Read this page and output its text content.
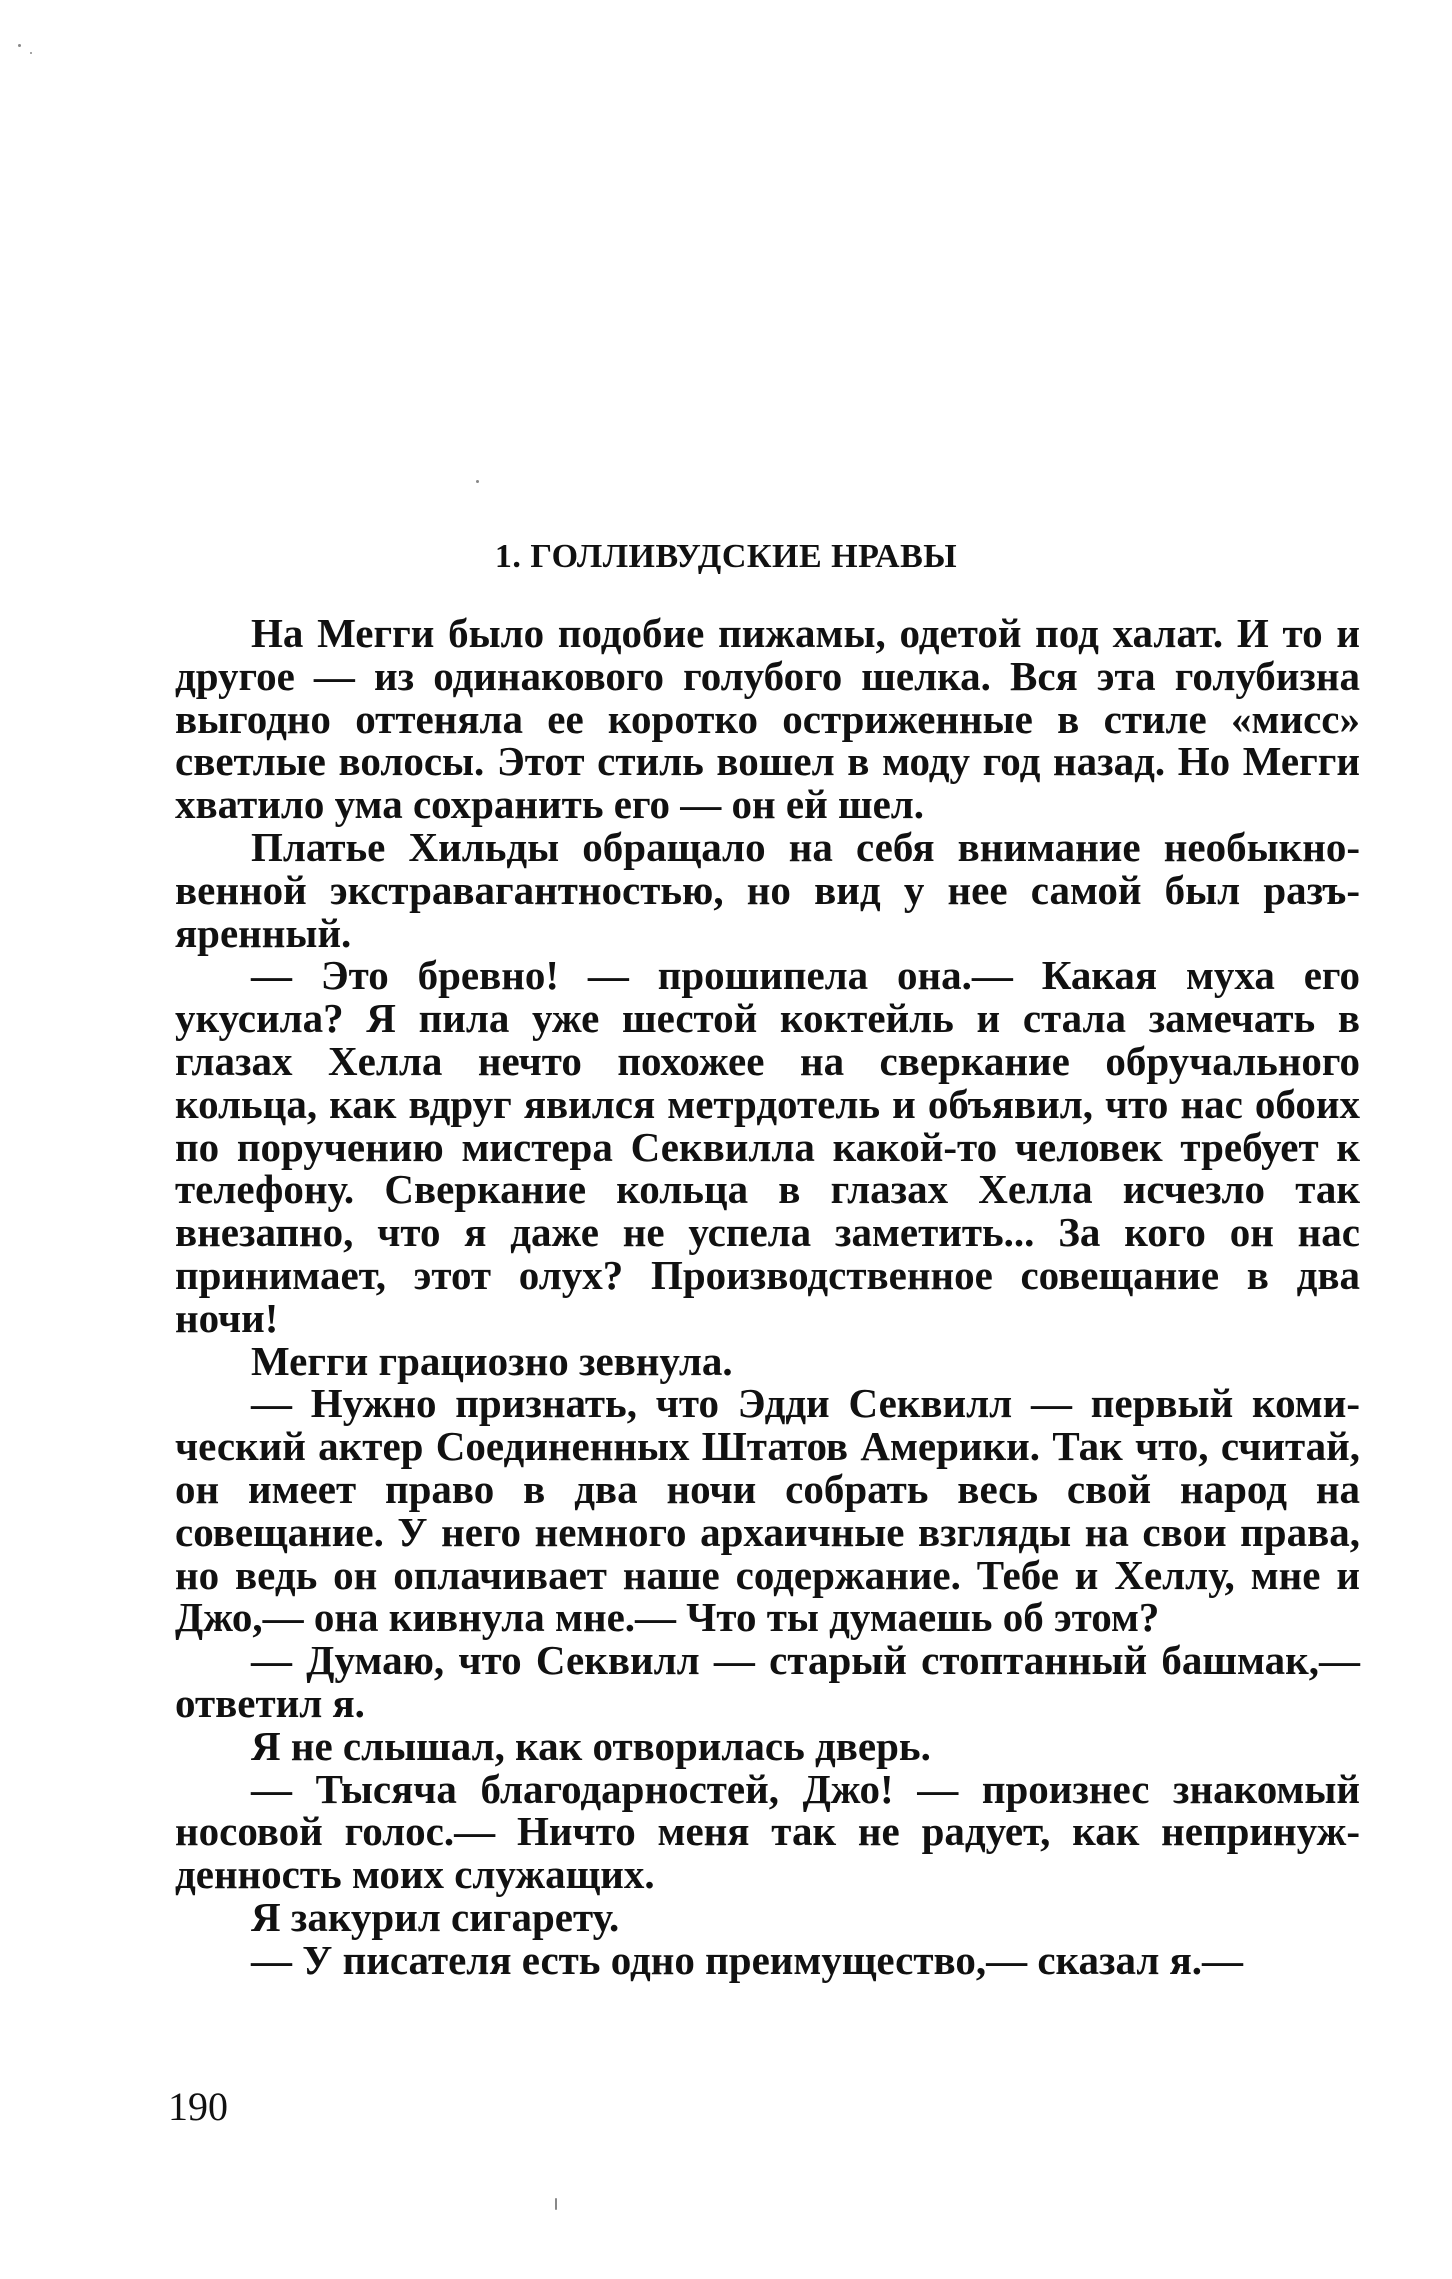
1. ГОЛЛИВУДСКИЕ НРАВЫ

На Мегги было подобие пижамы, одетой под халат. И то и другое — из одинакового голубого шелка. Вся эта голубизна выгодно оттеняла ее коротко остриженные в стиле «мисс» светлые волосы. Этот стиль вошел в моду год назад. Но Мегги хватило ума сохранить его — он ей шел.

Платье Хильды обращало на себя внимание необыкновенной экстравагантностью, но вид у нее самой был разъяренный.

— Это бревно! — прошипела она.— Какая муха его укусила? Я пила уже шестой коктейль и стала замечать в глазах Хелла нечто похожее на сверкание обручального кольца, как вдруг явился метрдотель и объявил, что нас обоих по поручению мистера Секвилла какой-то человек требует к телефону. Сверкание кольца в глазах Хелла исчезло так внезапно, что я даже не успела заметить... За кого он нас принимает, этот олух? Производственное совещание в два ночи!

Мегги грациозно зевнула.

— Нужно признать, что Эдди Секвилл — первый комический актер Соединенных Штатов Америки. Так что, считай, он имеет право в два ночи собрать весь свой народ на совещание. У него немного архаичные взгляды на свои права, но ведь он оплачивает наше содержание. Тебе и Хеллу, мне и Джо,— она кивнула мне.— Что ты думаешь об этом?

— Думаю, что Секвилл — старый стоптанный башмак,— ответил я.

Я не слышал, как отворилась дверь.

— Тысяча благодарностей, Джо! — произнес знакомый носовой голос.— Ничто меня так не радует, как непринужденность моих служащих.

Я закурил сигарету.

— У писателя есть одно преимущество,— сказал я.—

190
